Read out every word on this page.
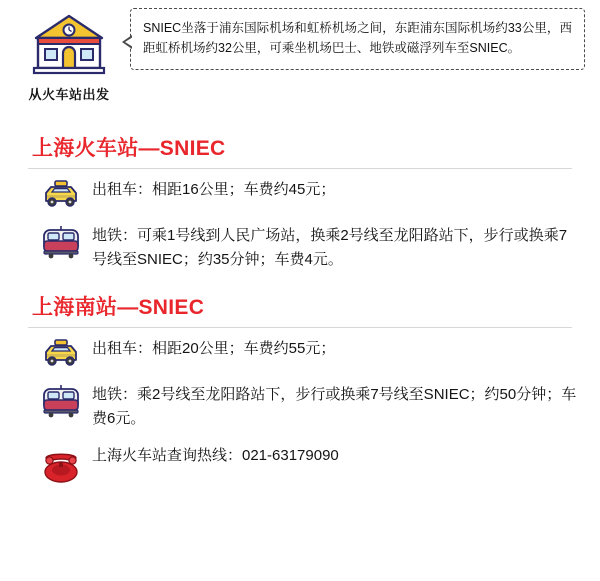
从火车站出发
SNIEC坐落于浦东国际机场和虹桥机场之间，东距浦东国际机场约33公里，西距虹桥机场约32公里，可乘坐机场巴士、地铁或磁浮列车至SNIEC。
上海火车站—SNIEC
出租车：相距16公里；车费约45元；
地铁：可乘1号线到人民广场站，换乘2号线至龙阳路站下，步行或换乘7号线至SNIEC；约35分钟；车费4元。
上海南站—SNIEC
出租车：相距20公里；车费约55元；
地铁：乘2号线至龙阳路站下，步行或换乘7号线至SNIEC；约50分钟；车费6元。
上海火车站查询热线：021-63179090
